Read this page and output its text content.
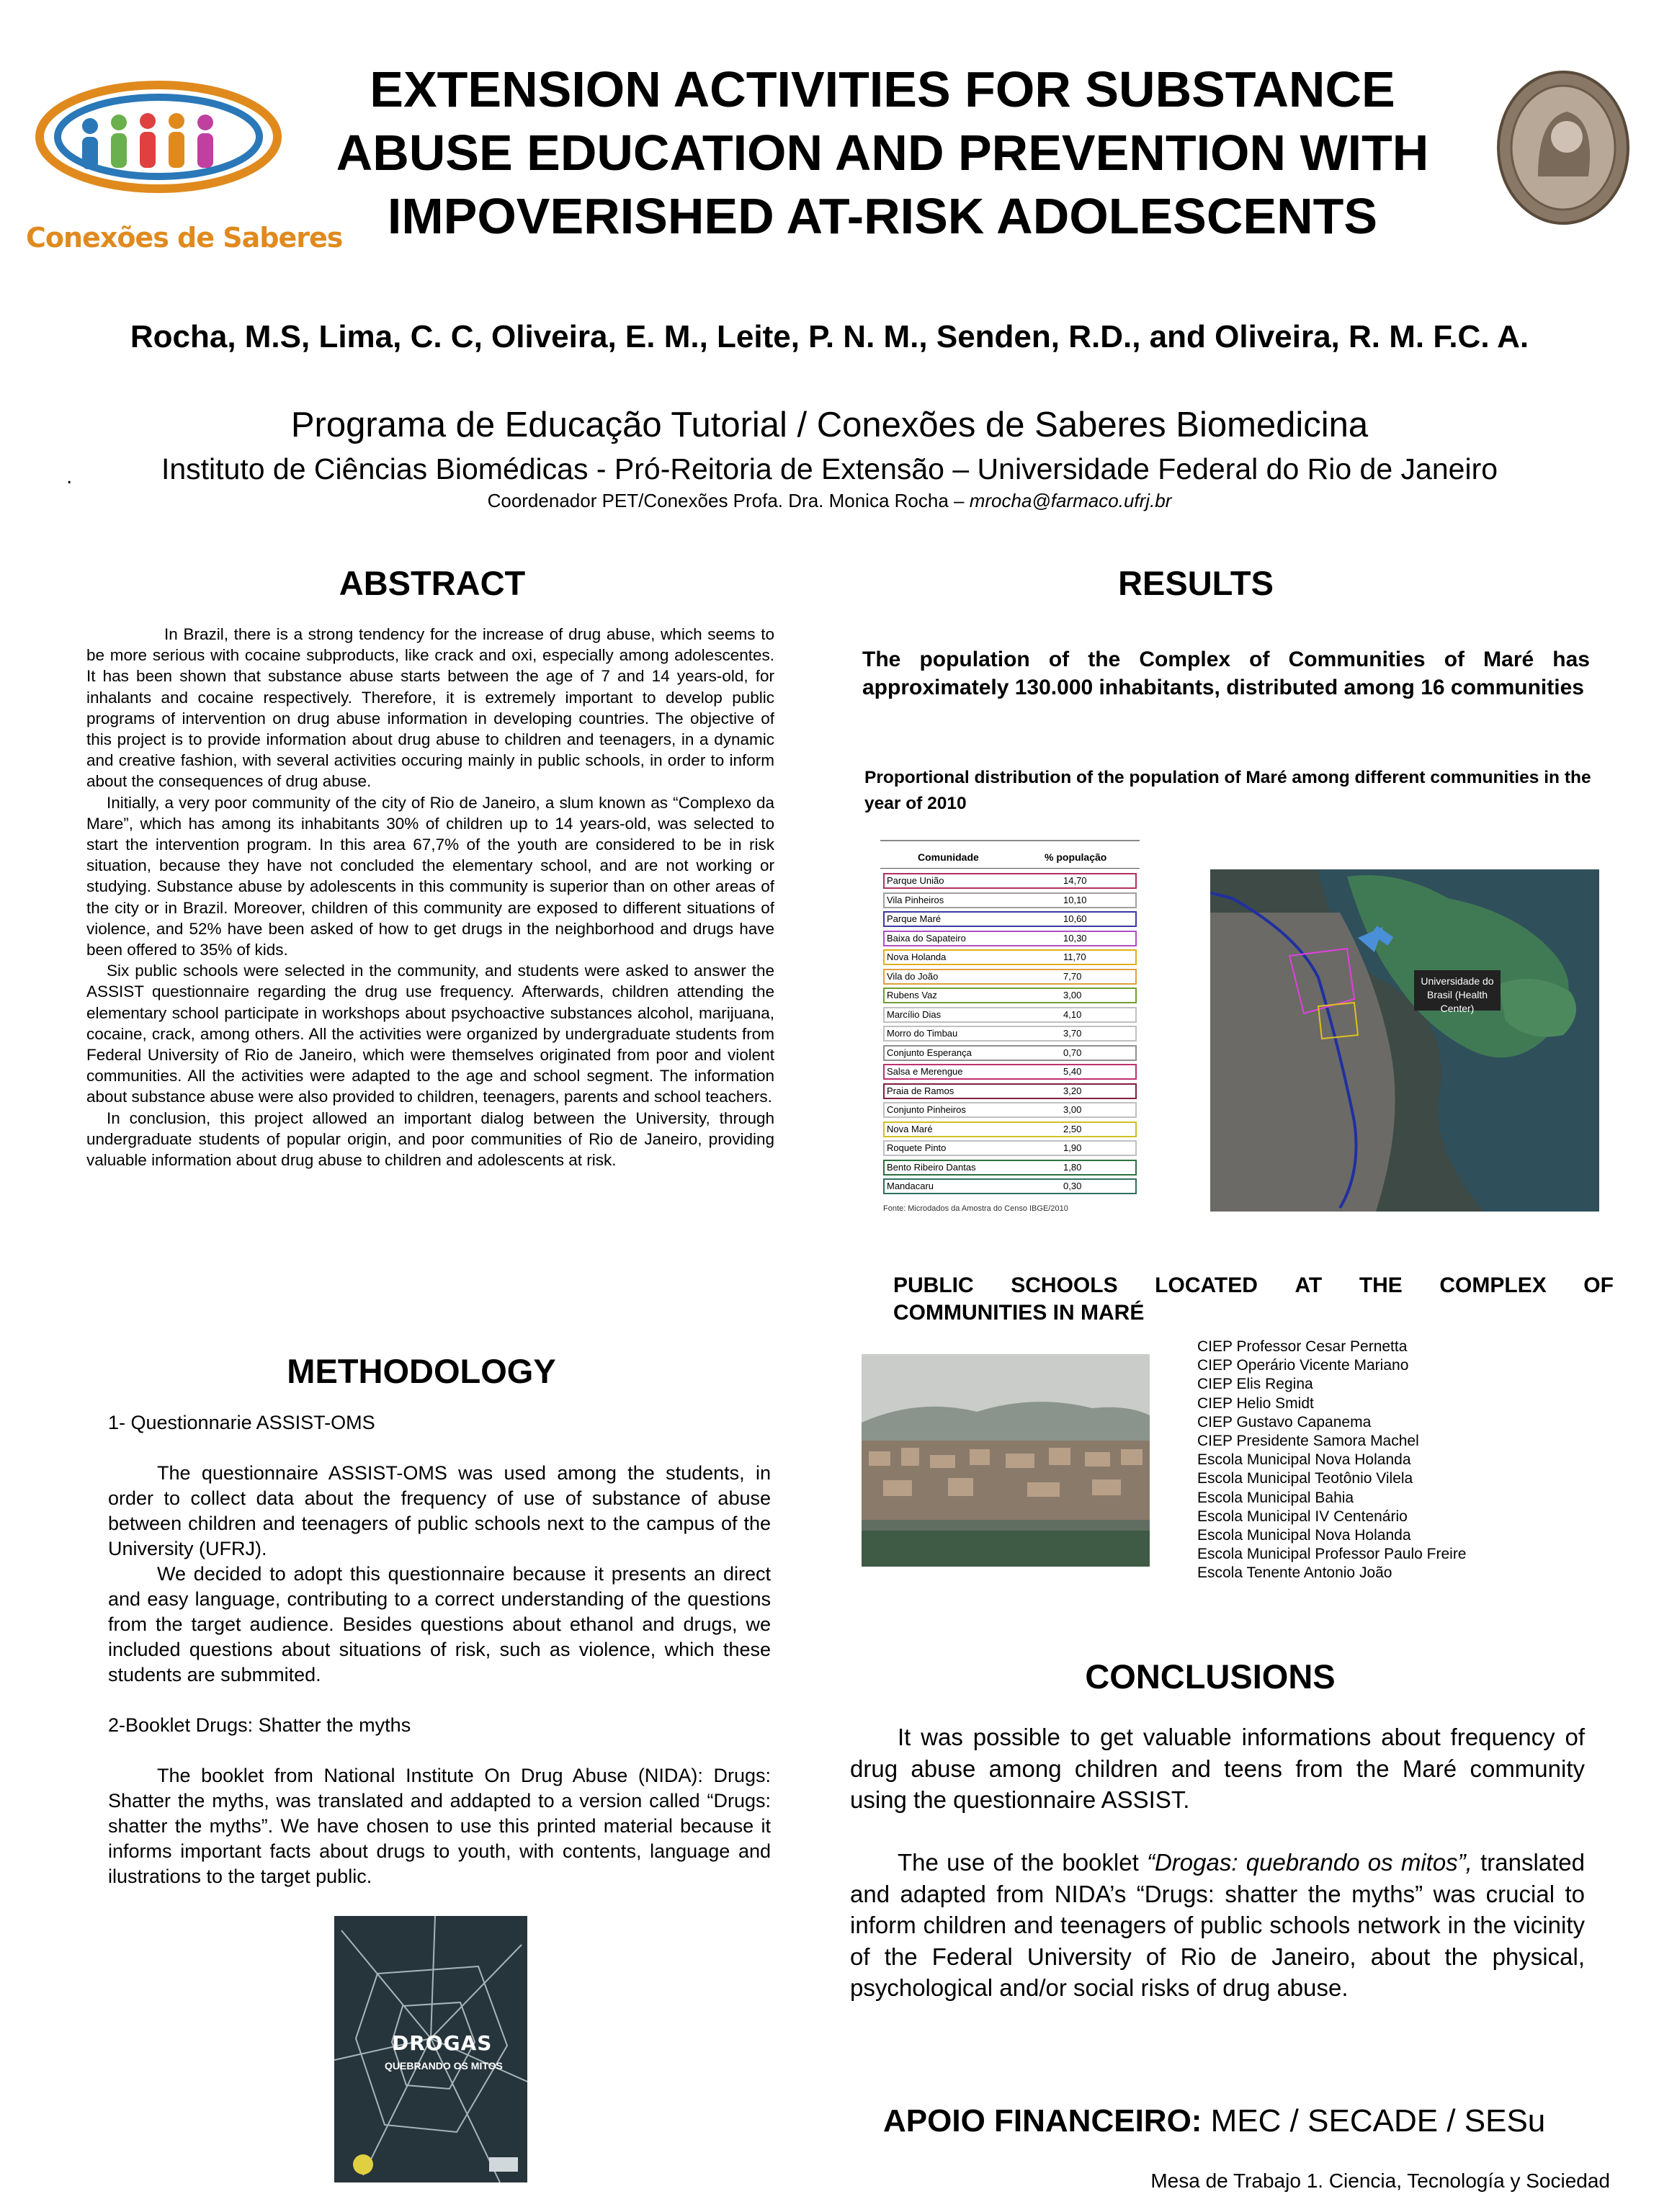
Conexões de Saberes
EXTENSION ACTIVITIES FOR SUBSTANCE
ABUSE EDUCATION AND PREVENTION WITH
IMPOVERISHED AT-RISK ADOLESCENTS
Rocha, M.S, Lima, C. C, Oliveira, E. M., Leite, P. N. M., Senden, R.D., and Oliveira, R. M. F.C. A.
Programa de Educação Tutorial / Conexões de Saberes Biomedicina
.	Instituto de Ciências Biomédicas - Pró-Reitoria de Extensão – Universidade Federal do Rio de Janeiro
Coordenador PET/Conexões Profa. Dra. Monica Rocha – mrocha@farmaco.ufrj.br
ABSTRACT

In Brazil, there is a strong tendency for the increase of drug abuse, which seems to be more serious with cocaine subproducts, like crack and oxi, especially among adolescentes. It has been shown that substance abuse starts between the age of 7 and 14 years-old, for inhalants and cocaine respectively. Therefore, it is extremely important to develop public programs of intervention on drug abuse information in developing countries. The objective of this project is to provide information about drug abuse to children and teenagers, in a dynamic and creative fashion, with several activities occuring mainly in public schools, in order to inform about the consequences of drug abuse.

Initially, a very poor community of the city of Rio de Janeiro, a slum known as “Complexo da Mare”, which has among its inhabitants 30% of children up to 14 years-old, was selected to start the intervention program. In this area 67,7% of the youth are considered to be in risk situation, because they have not concluded the elementary school, and are not working or studying. Substance abuse by adolescents in this community is superior than on other areas of the city or in Brazil. Moreover, children of this community are exposed to different situations of violence, and 52% have been asked of how to get drugs in the neighborhood and drugs have been offered to 35% of kids.

Six public schools were selected in the community, and students were asked to answer the ASSIST questionnaire regarding the drug use frequency. Afterwards, children attending the elementary school participate in workshops about psychoactive substances alcohol, marijuana, cocaine, crack, among others. All the activities were organized by undergraduate students from Federal University of Rio de Janeiro, which were themselves originated from poor and violent communities. All the activities were adapted to the age and school segment. The information about substance abuse were also provided to children, teenagers, parents and school teachers.

In conclusion, this project allowed an important dialog between the University, through undergraduate students of popular origin, and poor communities of Rio de Janeiro, providing valuable information about drug abuse to children and adolescents at risk.

METHODOLOGY

1- Questionnarie ASSIST-OMS

The questionnaire ASSIST-OMS was used among the students, in order to collect data about the frequency of use of substance of abuse between children and teenagers of public schools next to the campus of the University (UFRJ).

We decided to adopt this questionnaire because it presents an direct and easy language, contributing to a correct understanding of the questions from the target audience. Besides questions about ethanol and drugs, we included questions about situations of risk, such as violence, which these students are submmited.

2-Booklet Drugs: Shatter the myths

The booklet from National Institute On Drug Abuse (NIDA): Drugs: Shatter the myths, was translated and addapted to a version called “Drugs: shatter the myths”. We have chosen to use this printed material because it informs important facts about drugs to youth, with contents, language and ilustrations to the target public.

DROGAS
QUEBRANDO OS MITOS
RESULTS
The population of the Complex of Communities of Maré has approximately 130.000 inhabitants, distributed among 16 communities
Proportional distribution of the population of Maré among different communities in the year of 2010
Comunidade	% população
Parque União	14,70
Vila Pinheiros	10,10
Parque Maré	10,60
Baixa do Sapateiro	10,30
Nova Holanda	11,70
Vila do João	7,70
Rubens Vaz	3,00
Marcílio Dias	4,10
Morro do Timbau	3,70
Conjunto Esperança	0,70
Salsa e Merengue	5,40
Praia de Ramos	3,20
Conjunto Pinheiros	3,00
Nova Maré	2,50
Roquete Pinto	1,90
Bento Ribeiro Dantas	1,80
Mandacaru	0,30
Fonte: Microdados da Amostra do Censo IBGE/2010
Universidade do Brasil (Health Center)
PUBLIC SCHOOLS LOCATED AT THE COMPLEX OF
COMMUNITIES IN MARÉ
CIEP Professor Cesar Pernetta
CIEP Operário Vicente Mariano
CIEP Elis Regina
CIEP Helio Smidt
CIEP Gustavo Capanema
CIEP Presidente Samora Machel
Escola Municipal Nova Holanda
Escola Municipal Teotônio Vilela
Escola Municipal Bahia
Escola Municipal IV Centenário
Escola Municipal Nova Holanda
Escola Municipal Professor Paulo Freire
Escola Tenente Antonio João
CONCLUSIONS

It was possible to get valuable informations about frequency of drug abuse among children and teens from the Maré community using the questionnaire ASSIST.

The use of the booklet “Drogas: quebrando os mitos”, translated and adapted from NIDA’s “Drugs: shatter the myths” was crucial to inform children and teenagers of public schools network in the vicinity of the Federal University of Rio de Janeiro, about the physical, psychological and/or social risks of drug abuse.

APOIO FINANCEIRO: MEC / SECADE / SESu
Mesa de Trabajo 1. Ciencia, Tecnología y Sociedad
